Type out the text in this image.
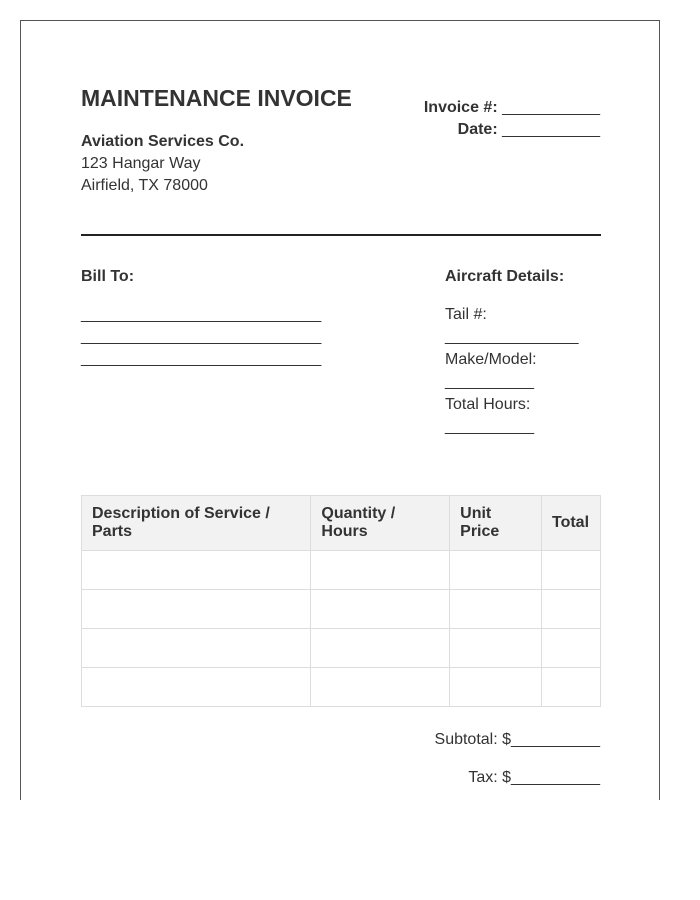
MAINTENANCE INVOICE
Aviation Services Co.
123 Hangar Way
Airfield, TX 78000
Invoice #: ___________
Date: ___________
Bill To:
___________________________
___________________________
___________________________
Aircraft Details:
Tail #:
_______________
Make/Model:
__________
Total Hours:
__________
Description of Service / Parts	Quantity / Hours	Unit Price	Total

Subtotal: $__________
Tax: $__________
